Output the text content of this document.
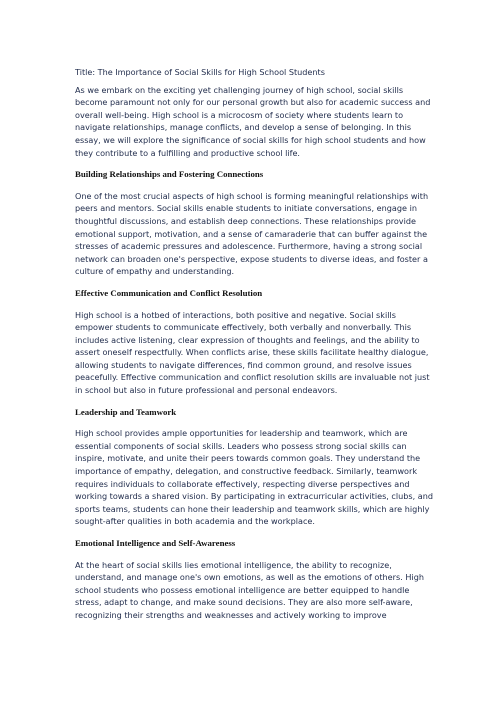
Title: The Importance of Social Skills for High School Students

As we embark on the exciting yet challenging journey of high school, social skills become paramount not only for our personal growth but also for academic success and overall well-being. High school is a microcosm of society where students learn to navigate relationships, manage conflicts, and develop a sense of belonging. In this essay, we will explore the significance of social skills for high school students and how they contribute to a fulfilling and productive school life.

Building Relationships and Fostering Connections

One of the most crucial aspects of high school is forming meaningful relationships with peers and mentors. Social skills enable students to initiate conversations, engage in thoughtful discussions, and establish deep connections. These relationships provide emotional support, motivation, and a sense of camaraderie that can buffer against the stresses of academic pressures and adolescence. Furthermore, having a strong social network can broaden one's perspective, expose students to diverse ideas, and foster a culture of empathy and understanding.

Effective Communication and Conflict Resolution

High school is a hotbed of interactions, both positive and negative. Social skills empower students to communicate effectively, both verbally and nonverbally. This includes active listening, clear expression of thoughts and feelings, and the ability to assert oneself respectfully. When conflicts arise, these skills facilitate healthy dialogue, allowing students to navigate differences, find common ground, and resolve issues peacefully. Effective communication and conflict resolution skills are invaluable not just in school but also in future professional and personal endeavors.

Leadership and Teamwork

High school provides ample opportunities for leadership and teamwork, which are essential components of social skills. Leaders who possess strong social skills can inspire, motivate, and unite their peers towards common goals. They understand the importance of empathy, delegation, and constructive feedback. Similarly, teamwork requires individuals to collaborate effectively, respecting diverse perspectives and working towards a shared vision. By participating in extracurricular activities, clubs, and sports teams, students can hone their leadership and teamwork skills, which are highly sought-after qualities in both academia and the workplace.

Emotional Intelligence and Self-Awareness

At the heart of social skills lies emotional intelligence, the ability to recognize, understand, and manage one's own emotions, as well as the emotions of others. High school students who possess emotional intelligence are better equipped to handle stress, adapt to change, and make sound decisions. They are also more self-aware, recognizing their strengths and weaknesses and actively working to improve
